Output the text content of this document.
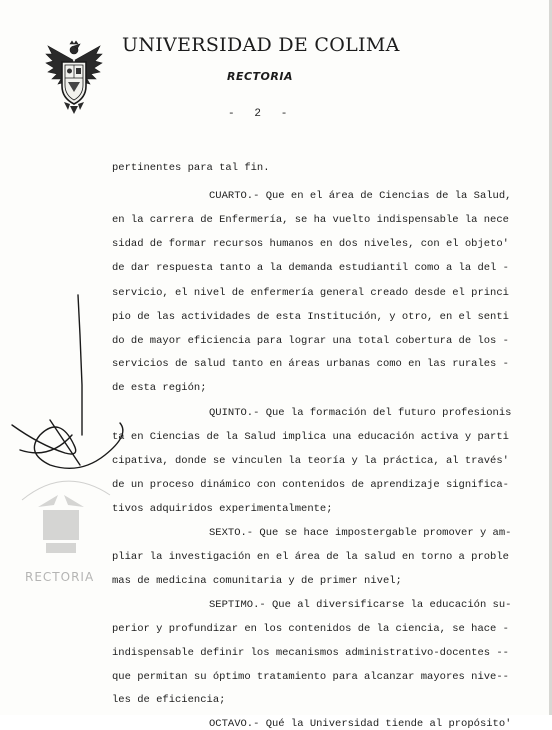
UNIVERSIDAD DE COLIMA
RECTORIA
-   2   -
RECTORIA
pertinentes para tal fin.
CUARTO.- Que en el área de Ciencias de la Salud,
en la carrera de Enfermería, se ha vuelto indispensable la nece
sidad de formar recursos humanos en dos niveles, con el objeto'
de dar respuesta tanto a la demanda estudiantil como a la del -
servicio, el nivel de enfermería general creado desde el princi
pio de las actividades de esta Institución, y otro, en el senti
do de mayor eficiencia para lograr una total cobertura de los -
servicios de salud tanto en áreas urbanas como en las rurales -
de esta región;
QUINTO.- Que la formación del futuro profesionis
ta en Ciencias de la Salud implica una educación activa y parti
cipativa, donde se vinculen la teoría y la práctica, al través'
de un proceso dinámico con contenidos de aprendizaje significa-
tivos adquiridos experimentalmente;
SEXTO.- Que se hace impostergable promover y am-
pliar la investigación en el área de la salud en torno a proble
mas de medicina comunitaria y de primer nivel;
SEPTIMO.- Que al diversificarse la educación su-
perior y profundizar en los contenidos de la ciencia, se hace -
indispensable definir los mecanismos administrativo-docentes --
que permitan su óptimo tratamiento para alcanzar mayores nive--
les de eficiencia;
OCTAVO.- Qué la Universidad tiende al propósito'
